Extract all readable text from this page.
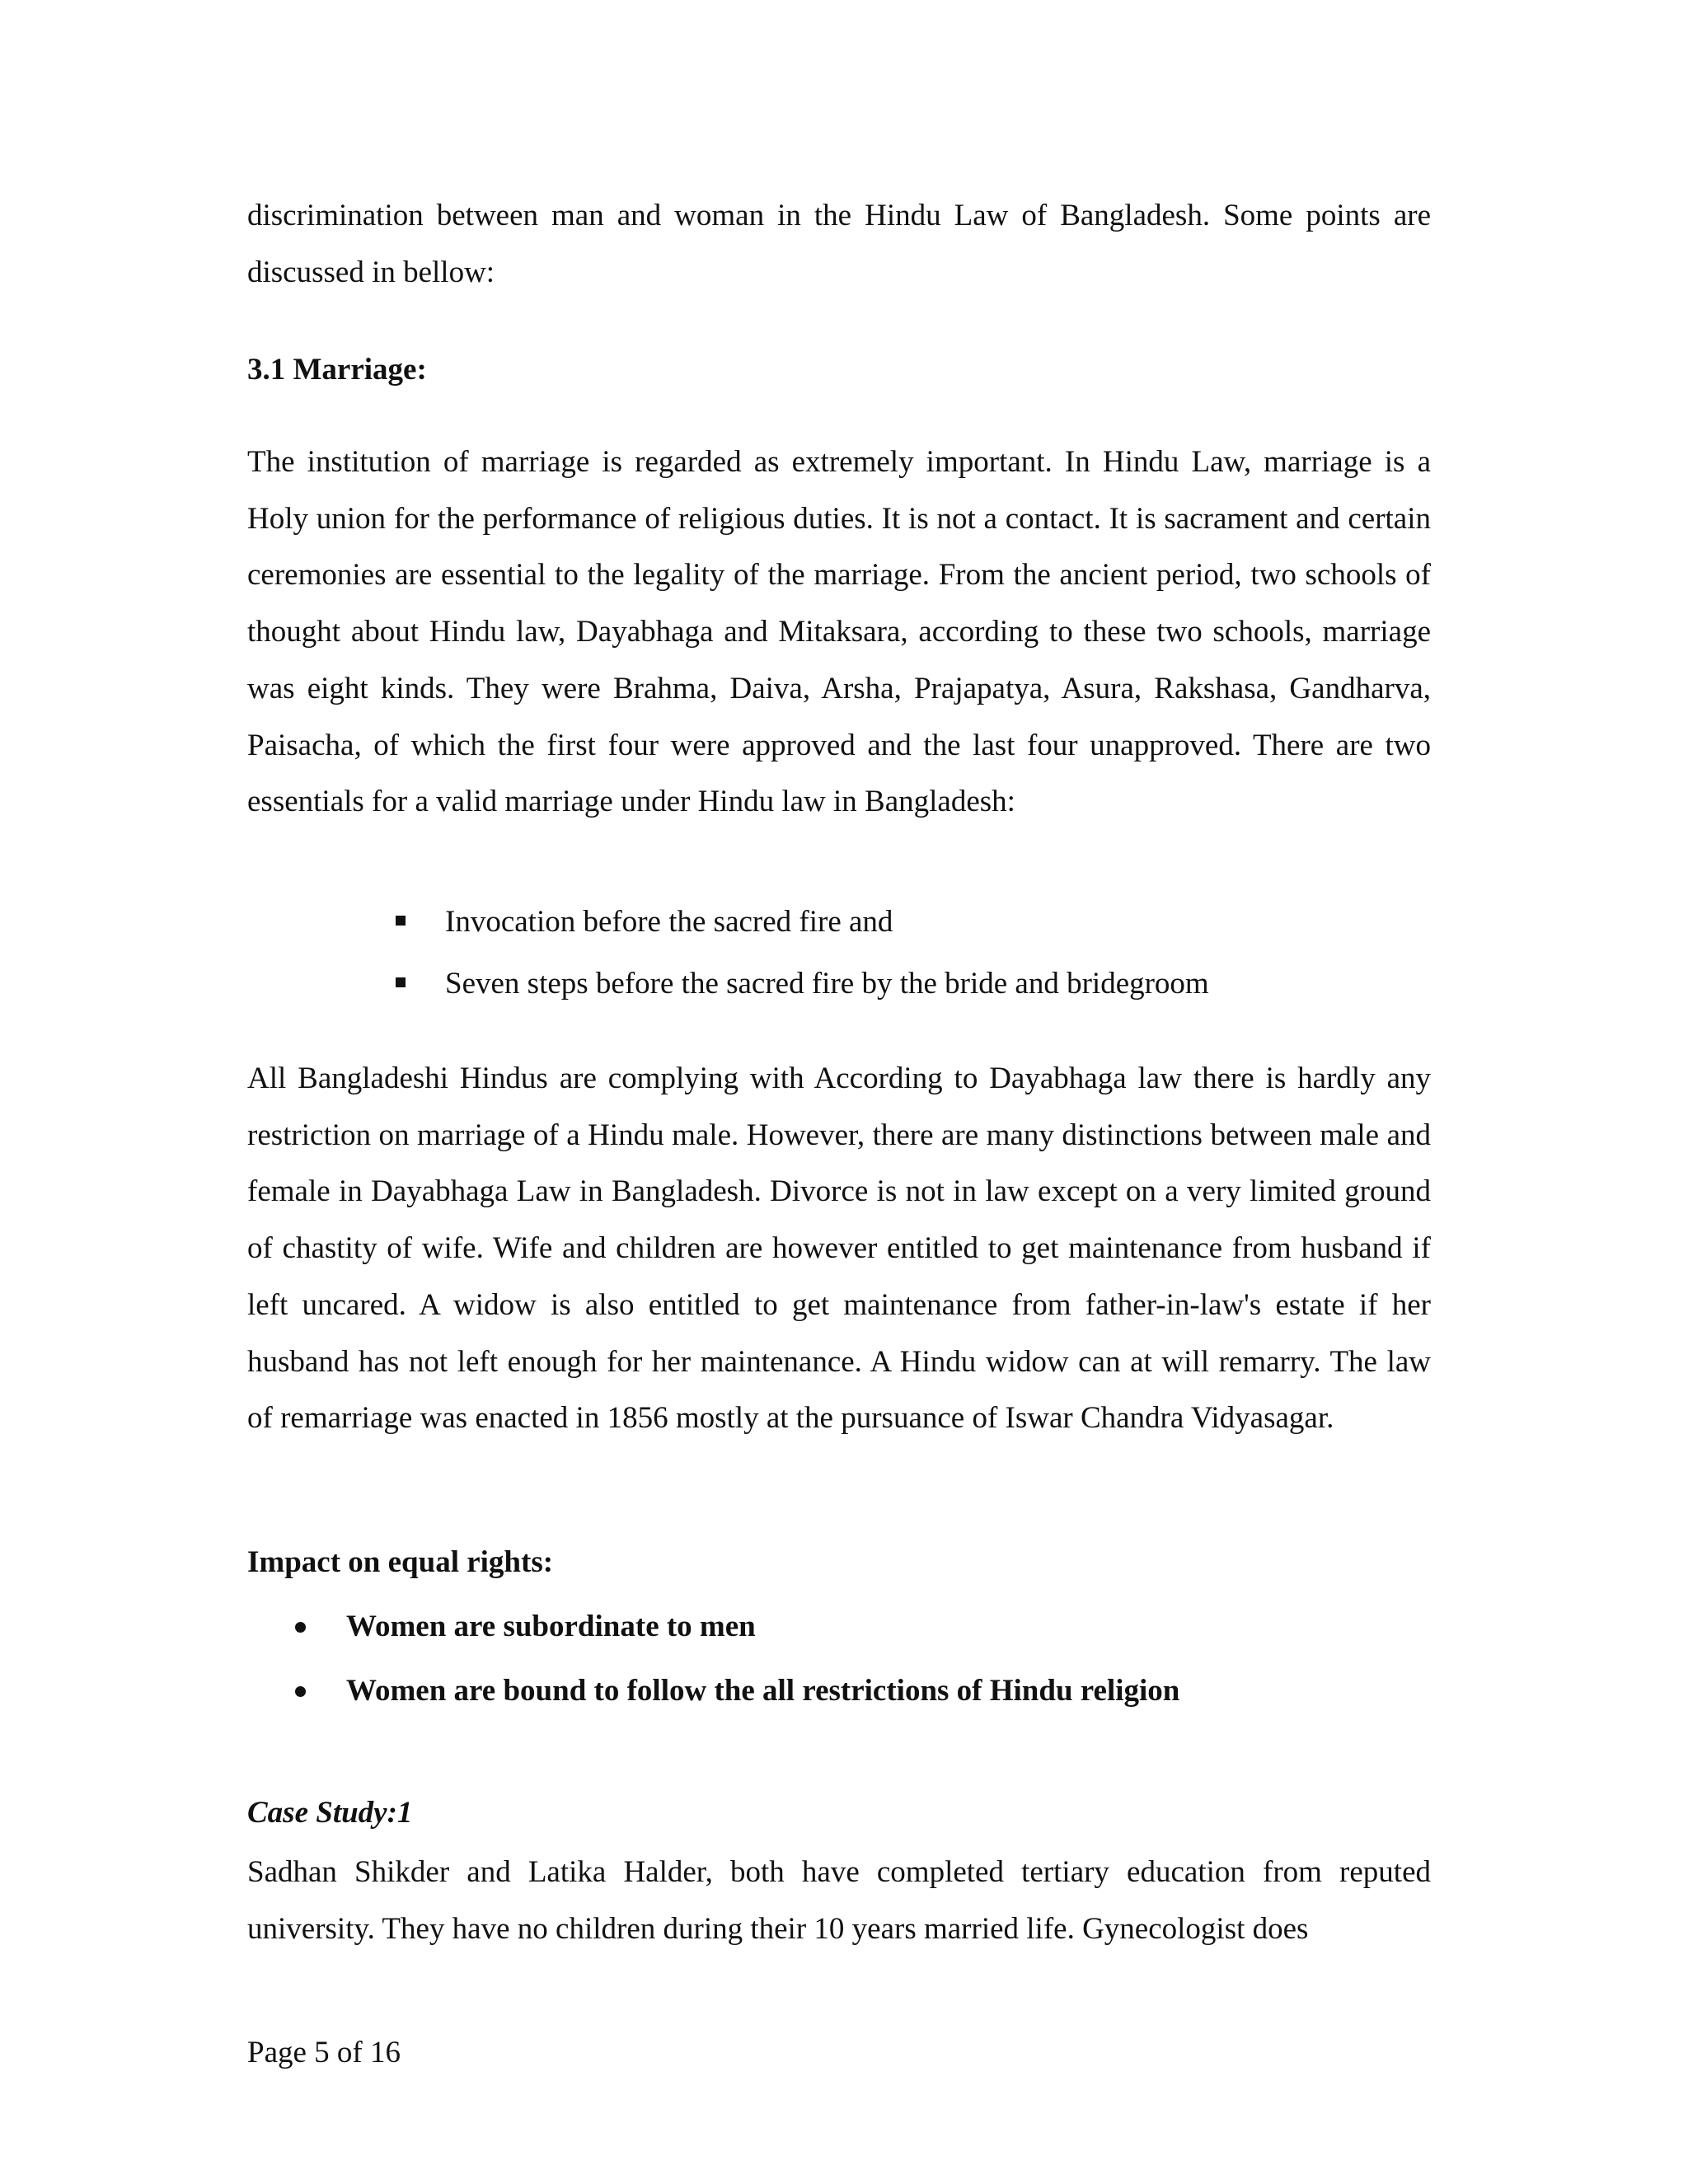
discrimination between man and woman in the Hindu Law of Bangladesh. Some points are discussed in bellow:

3.1 Marriage:

The institution of marriage is regarded as extremely important. In Hindu Law, marriage is a Holy union for the performance of religious duties. It is not a contact. It is sacrament and certain ceremonies are essential to the legality of the marriage. From the ancient period, two schools of thought about Hindu law, Dayabhaga and Mitaksara, according to these two schools, marriage was eight kinds. They were Brahma, Daiva, Arsha, Prajapatya, Asura, Rakshasa, Gandharva, Paisacha, of which the first four were approved and the last four unapproved. There are two essentials for a valid marriage under Hindu law in Bangladesh:

Invocation before the sacred fire and
Seven steps before the sacred fire by the bride and bridegroom

All Bangladeshi Hindus are complying with According to Dayabhaga law there is hardly any restriction on marriage of a Hindu male. However, there are many distinctions between male and female in Dayabhaga Law in Bangladesh. Divorce is not in law except on a very limited ground of chastity of wife. Wife and children are however entitled to get maintenance from husband if left uncared. A widow is also entitled to get maintenance from father-in-law's estate if her husband has not left enough for her maintenance. A Hindu widow can at will remarry. The law of remarriage was enacted in 1856 mostly at the pursuance of Iswar Chandra Vidyasagar.

Impact on equal rights:

Women are subordinate to men
Women are bound to follow the all restrictions of Hindu religion

Case Study:1

Sadhan Shikder and Latika Halder, both have completed tertiary education from reputed university. They have no children during their 10 years married life. Gynecologist does

Page 5 of 16
